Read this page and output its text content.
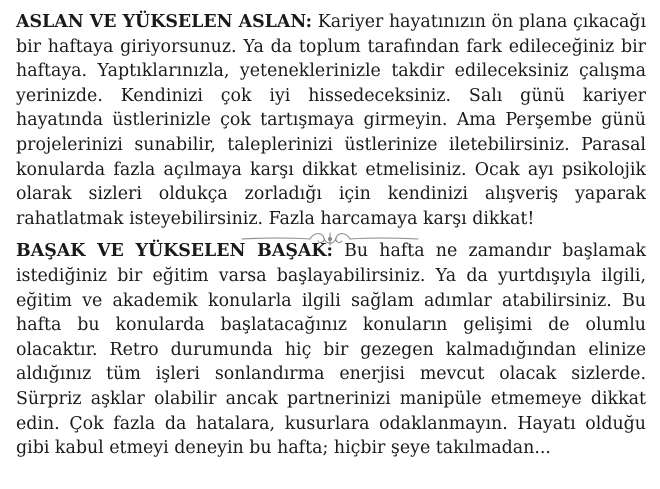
ASLAN VE YÜKSELEN ASLAN: Kariyer hayatınızın ön plana çıkacağı bir haftaya giriyorsunuz. Ya da toplum tarafından fark edileceğiniz bir haftaya. Yaptıklarınızla, yeteneklerinizle takdir edileceksiniz çalışma yerinizde. Kendinizi çok iyi hissedeceksiniz. Salı günü kariyer hayatında üstlerinizle çok tartışmaya girmeyin. Ama Perşembe günü projelerinizi sunabilir, taleplerinizi üstlerinize iletebilirsiniz. Parasal konularda fazla açılmaya karşı dikkat etmelisiniz. Ocak ayı psikolojik olarak sizleri oldukça zorladığı için kendinizi alışveriş yaparak rahatlatmak isteyebilirsiniz. Fazla harcamaya karşı dikkat!

BAŞAK VE YÜKSELEN BAŞAK: Bu hafta ne zamandır başlamak istediğiniz bir eğitim varsa başlayabilirsiniz. Ya da yurtdışıyla ilgili, eğitim ve akademik konularla ilgili sağlam adımlar atabilirsiniz. Bu hafta bu konularda başlatacağınız konuların gelişimi de olumlu olacaktır. Retro durumunda hiç bir gezegen kalmadığından elinize aldığınız tüm işleri sonlandırma enerjisi mevcut olacak sizlerde. Sürpriz aşklar olabilir ancak partnerinizi manipüle etmemeye dikkat edin. Çok fazla da hatalara, kusurlara odaklanmayın. Hayatı olduğu gibi kabul etmeyi deneyin bu hafta; hiçbir şeye takılmadan...
